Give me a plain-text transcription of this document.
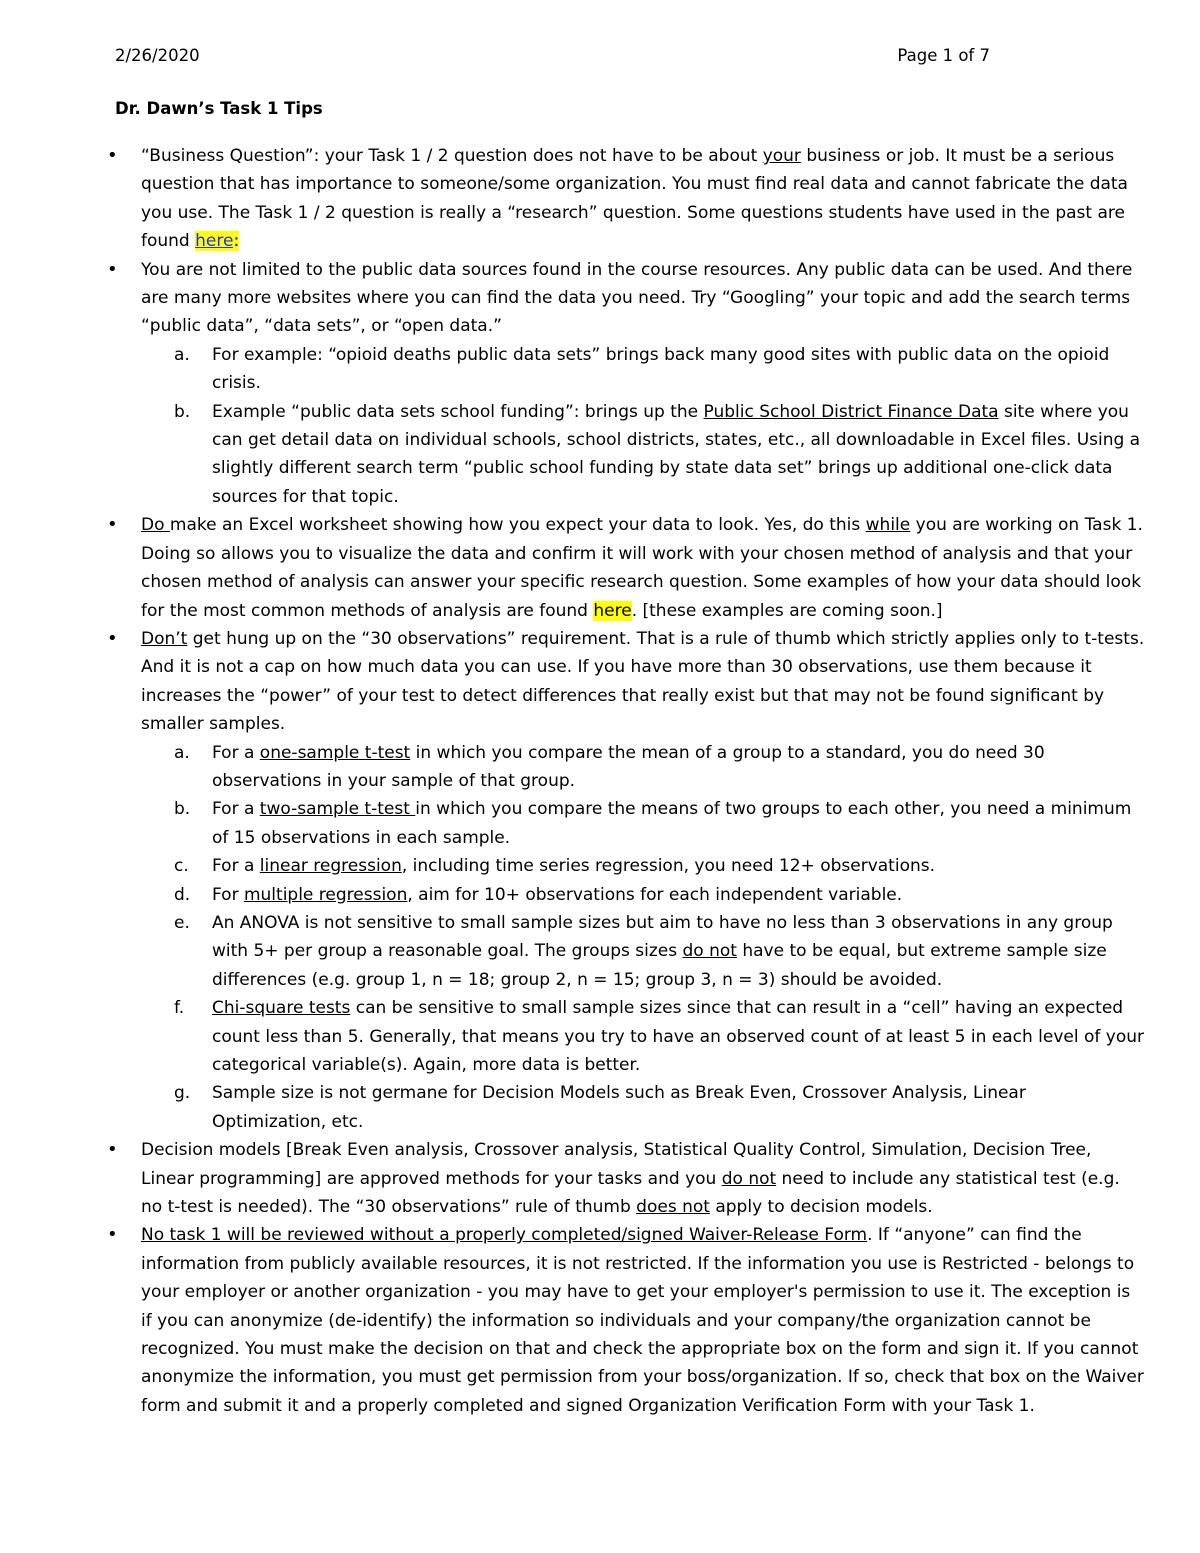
2/26/2020	Page 1 of 7
Dr. Dawn’s Task 1 Tips
• “Business Question”: your Task 1 / 2 question does not have to be about your business or job. It must be a serious question that has importance to someone/some organization. You must find real data and cannot fabricate the data you use. The Task 1 / 2 question is really a “research” question. Some questions students have used in the past are found here:
• You are not limited to the public data sources found in the course resources. Any public data can be used. And there are many more websites where you can find the data you need. Try “Googling” your topic and add the search terms “public data”, “data sets”, or “open data.”
a. For example: “opioid deaths public data sets” brings back many good sites with public data on the opioid crisis.
b. Example “public data sets school funding”: brings up the Public School District Finance Data site where you can get detail data on individual schools, school districts, states, etc., all downloadable in Excel files. Using a slightly different search term “public school funding by state data set” brings up additional one-click data sources for that topic.
• Do make an Excel worksheet showing how you expect your data to look. Yes, do this while you are working on Task 1. Doing so allows you to visualize the data and confirm it will work with your chosen method of analysis and that your chosen method of analysis can answer your specific research question. Some examples of how your data should look for the most common methods of analysis are found here. [these examples are coming soon.]
• Don’t get hung up on the “30 observations” requirement. That is a rule of thumb which strictly applies only to t-tests. And it is not a cap on how much data you can use. If you have more than 30 observations, use them because it increases the “power” of your test to detect differences that really exist but that may not be found significant by smaller samples.
a. For a one-sample t-test in which you compare the mean of a group to a standard, you do need 30 observations in your sample of that group.
b. For a two-sample t-test in which you compare the means of two groups to each other, you need a minimum of 15 observations in each sample.
c. For a linear regression, including time series regression, you need 12+ observations.
d. For multiple regression, aim for 10+ observations for each independent variable.
e. An ANOVA is not sensitive to small sample sizes but aim to have no less than 3 observations in any group with 5+ per group a reasonable goal. The groups sizes do not have to be equal, but extreme sample size differences (e.g. group 1, n = 18; group 2, n = 15; group 3, n = 3) should be avoided.
f. Chi-square tests can be sensitive to small sample sizes since that can result in a “cell” having an expected count less than 5. Generally, that means you try to have an observed count of at least 5 in each level of your categorical variable(s). Again, more data is better.
g. Sample size is not germane for Decision Models such as Break Even, Crossover Analysis, Linear Optimization, etc.
• Decision models [Break Even analysis, Crossover analysis, Statistical Quality Control, Simulation, Decision Tree, Linear programming] are approved methods for your tasks and you do not need to include any statistical test (e.g. no t-test is needed). The “30 observations” rule of thumb does not apply to decision models.
• No task 1 will be reviewed without a properly completed/signed Waiver-Release Form. If “anyone” can find the information from publicly available resources, it is not restricted. If the information you use is Restricted - belongs to your employer or another organization - you may have to get your employer's permission to use it. The exception is if you can anonymize (de-identify) the information so individuals and your company/the organization cannot be recognized. You must make the decision on that and check the appropriate box on the form and sign it. If you cannot anonymize the information, you must get permission from your boss/organization. If so, check that box on the Waiver form and submit it and a properly completed and signed Organization Verification Form with your Task 1.
